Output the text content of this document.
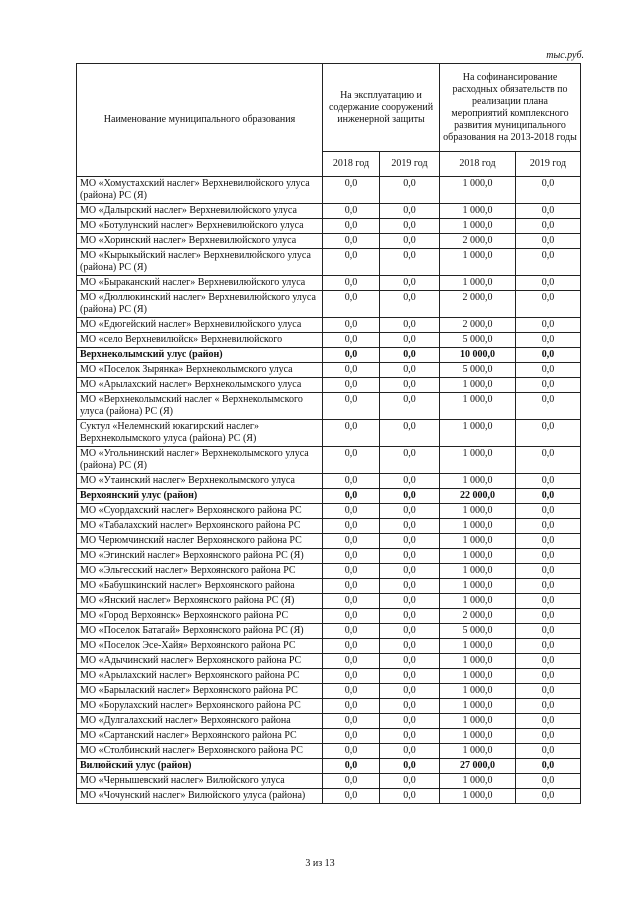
тыс.руб.
Наименование муниципального образования	На эксплуатацию и содержание сооружений инженерной защиты		На софинансирование расходных обязательств по реализации плана мероприятий комплексного развития муниципального образования на 2013-2018 годы	
	2018 год	2019 год	2018 год	2019 год
МО «Хомустахский наслег» Верхневилюйского улуса (района) РС (Я)	0,0	0,0	1 000,0	0,0
МО «Далырский наслег» Верхневилюйского улуса	0,0	0,0	1 000,0	0,0
МО «Ботулунский наслег» Верхневилюйского улуса	0,0	0,0	1 000,0	0,0
МО «Хоринский наслег» Верхневилюйского улуса	0,0	0,0	2 000,0	0,0
МО «Кырыкыйский наслег» Верхневилюйского улуса (района) РС (Я)	0,0	0,0	1 000,0	0,0
МО «Быраканский наслег» Верхневилюйского улуса	0,0	0,0	1 000,0	0,0
МО «Дюллюкинский наслег» Верхневилюйского улуса (района) РС (Я)	0,0	0,0	2 000,0	0,0
МО «Едюгейский наслег» Верхневилюйского улуса	0,0	0,0	2 000,0	0,0
МО «село Верхневилюйск» Верхневилюйского	0,0	0,0	5 000,0	0,0
Верхнеколымский улус (район)	0,0	0,0	10 000,0	0,0
МО «Поселок Зырянка» Верхнеколымского улуса	0,0	0,0	5 000,0	0,0
МО «Арылахский наслег» Верхнеколымского улуса	0,0	0,0	1 000,0	0,0
МО «Верхнеколымский наслег « Верхнеколымского улуса (района) РС (Я)	0,0	0,0	1 000,0	0,0
Суктул «Нелемнский юкагирский наслег» Верхнеколымского улуса (района) РС (Я)	0,0	0,0	1 000,0	0,0
МО «Угольнинский наслег» Верхнеколымского улуса (района) РС (Я)	0,0	0,0	1 000,0	0,0
МО «Утаинский наслег» Верхнеколымского улуса	0,0	0,0	1 000,0	0,0
Верхоянский улус (район)	0,0	0,0	22 000,0	0,0
МО «Суордахский наслег» Верхоянского района РС	0,0	0,0	1 000,0	0,0
МО «Табалахский наслег» Верхоянского района РС	0,0	0,0	1 000,0	0,0
МО Черюмчинский наслег Верхоянского района РС	0,0	0,0	1 000,0	0,0
МО «Эгинский наслег» Верхоянского района РС (Я)	0,0	0,0	1 000,0	0,0
МО «Эльгесский наслег» Верхоянского района РС	0,0	0,0	1 000,0	0,0
МО «Бабушкинский наслег» Верхоянского района	0,0	0,0	1 000,0	0,0
МО «Янский наслег» Верхоянского района РС (Я)	0,0	0,0	1 000,0	0,0
МО «Город Верхоянск» Верхоянского района РС	0,0	0,0	2 000,0	0,0
МО «Поселок Батагай» Верхоянского района РС (Я)	0,0	0,0	5 000,0	0,0
МО «Поселок Эсе-Хайя» Верхоянского района РС	0,0	0,0	1 000,0	0,0
МО «Адычинский наслег» Верхоянского района РС	0,0	0,0	1 000,0	0,0
МО «Арылахский наслег» Верхоянского района РС	0,0	0,0	1 000,0	0,0
МО «Барылаский наслег» Верхоянского района РС	0,0	0,0	1 000,0	0,0
МО «Борулахский наслег» Верхоянского района РС	0,0	0,0	1 000,0	0,0
МО «Дулгалахский наслег» Верхоянского района	0,0	0,0	1 000,0	0,0
МО «Сартанский наслег» Верхоянского района РС	0,0	0,0	1 000,0	0,0
МО «Столбинский наслег» Верхоянского района РС	0,0	0,0	1 000,0	0,0
Вилюйский улус (район)	0,0	0,0	27 000,0	0,0
МО «Чернышевский наслег» Вилюйского улуса	0,0	0,0	1 000,0	0,0
МО «Чочунский наслег» Вилюйского улуса (района)	0,0	0,0	1 000,0	0,0
3 из 13
